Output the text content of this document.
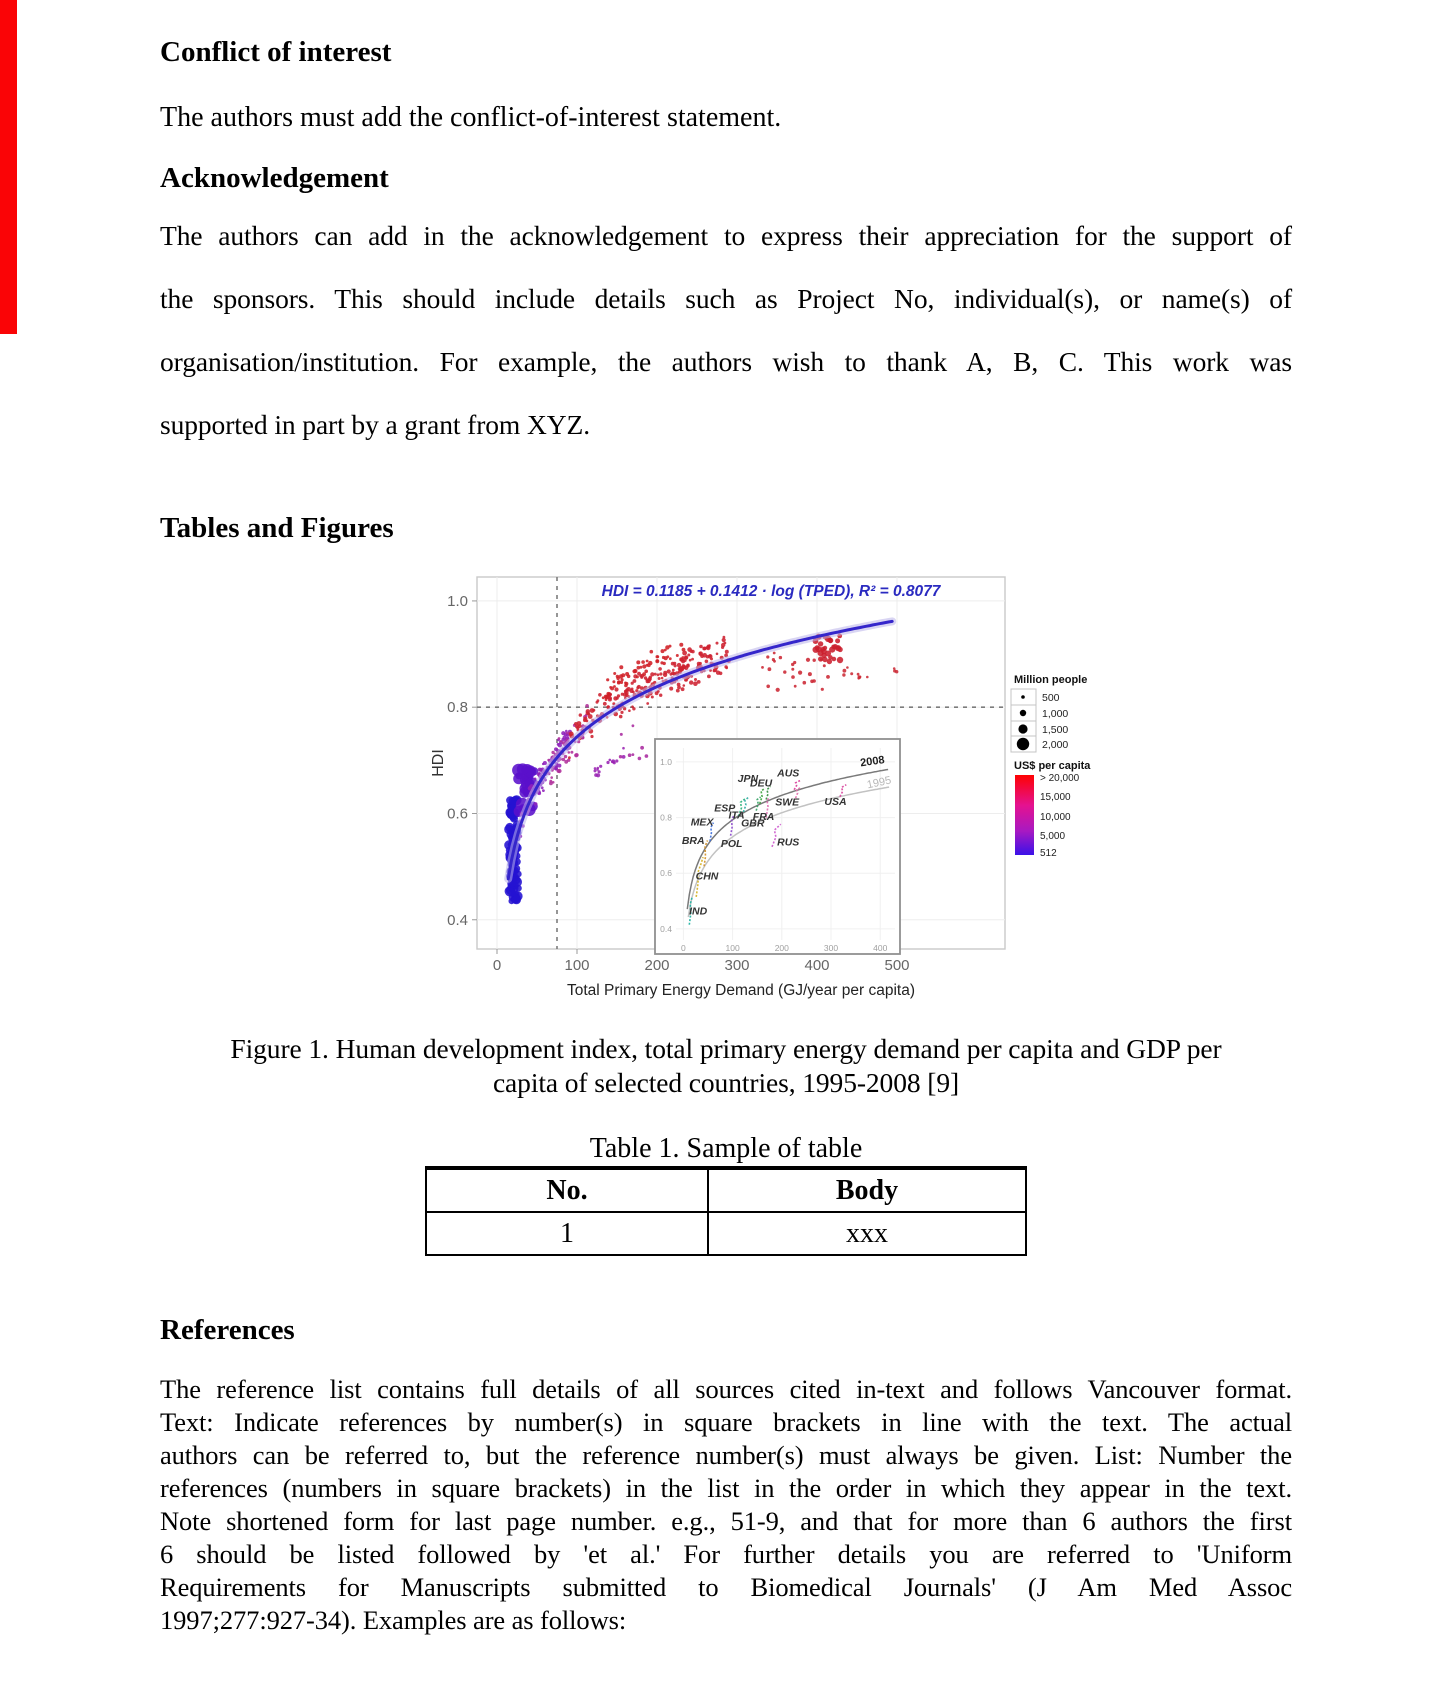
Conflict of interest

The authors must add the conflict-of-interest statement.

Acknowledgement
The authors can add in the acknowledgement to express their appreciation for the support of
the sponsors. This should include details such as Project No, individual(s), or name(s) of
organisation/institution. For example, the authors wish to thank A, B, C. This work was
supported in part by a grant from XYZ.
Tables and Figures
0	100	200	300	400	500
0.4
0.6
0.8
1.0
Total Primary Energy Demand (GJ/year per capita)
HDI
HDI = 0.1185 + 0.1412 · log (TPED), R² = 0.8077
0	100	200	300	400
0.4
0.6
0.8
1.0	2008
1995
IND
CHN
BRA
MEX
POL
ESP
ITA
GBR
FRA
JPN
DEU
AUS
SWE
RUS
USA
Million people
500
1,000
1,500
2,000
US$ per capita
> 20,000
15,000
10,000
5,000
512
Figure 1. Human development index, total primary energy demand per capita and GDP per
capita of selected countries, 1995-2008 [9]
Table 1. Sample of table
No.	Body
1	xxx
References
The reference list contains full details of all sources cited in-text and follows Vancouver format.
Text: Indicate references by number(s) in square brackets in line with the text. The actual
authors can be referred to, but the reference number(s) must always be given. List: Number the
references (numbers in square brackets) in the list in the order in which they appear in the text.
Note shortened form for last page number. e.g., 51-9, and that for more than 6 authors the first
6 should be listed followed by 'et al.' For further details you are referred to 'Uniform
Requirements for Manuscripts submitted to Biomedical Journals' (J Am Med Assoc
1997;277:927-34). Examples are as follows:
